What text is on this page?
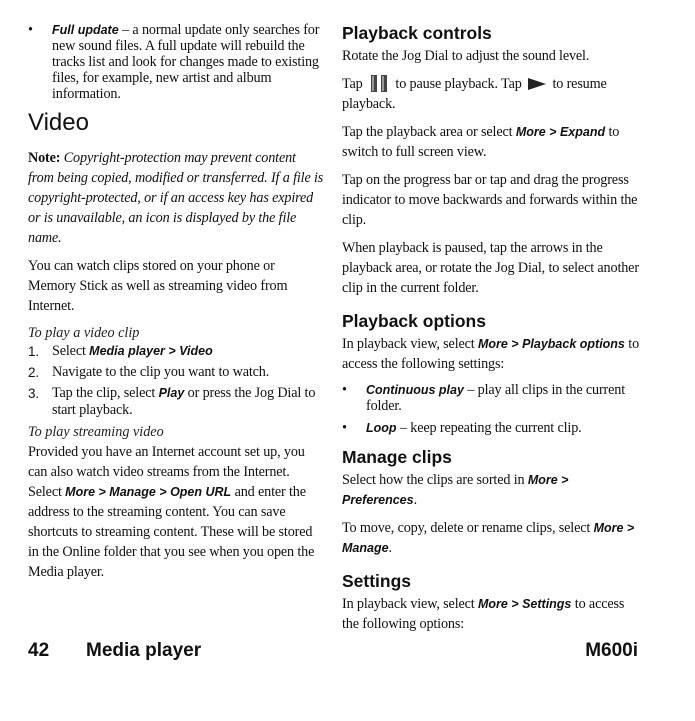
• Full update – a normal update only searches for new sound files. A full update will rebuild the tracks list and look for changes made to existing files, for example, new artist and album information.
Video

Note: Copyright-protection may prevent content from being copied, modified or transferred. If a file is copyright-protected, or if an access key has expired or is unavailable, an icon is displayed by the file name.

You can watch clips stored on your phone or Memory Stick as well as streaming video from Internet.

To play a video clip

1. Select Media player > Video
2. Navigate to the clip you want to watch.
3. Tap the clip, select Play or press the Jog Dial to start playback.

To play streaming video

Provided you have an Internet account set up, you can also watch video streams from the Internet. Select More > Manage > Open URL and enter the address to the streaming content. You can save shortcuts to streaming content. These will be stored in the Online folder that you see when you open the Media player.

Playback controls

Rotate the Jog Dial to adjust the sound level.

Tap  to pause playback. Tap  to resume playback.

Tap the playback area or select More > Expand to switch to full screen view.

Tap on the progress bar or tap and drag the progress indicator to move backwards and forwards within the clip.

When playback is paused, tap the arrows in the playback area, or rotate the Jog Dial, to select another clip in the current folder.

Playback options

In playback view, select More > Playback options to access the following settings:

• Continuous play – play all clips in the current folder.
• Loop – keep repeating the current clip.
Manage clips

Select how the clips are sorted in More > Preferences.

To move, copy, delete or rename clips, select More > Manage.

Settings

In playback view, select More > Settings to access the following options:

42 Media player	M600i
